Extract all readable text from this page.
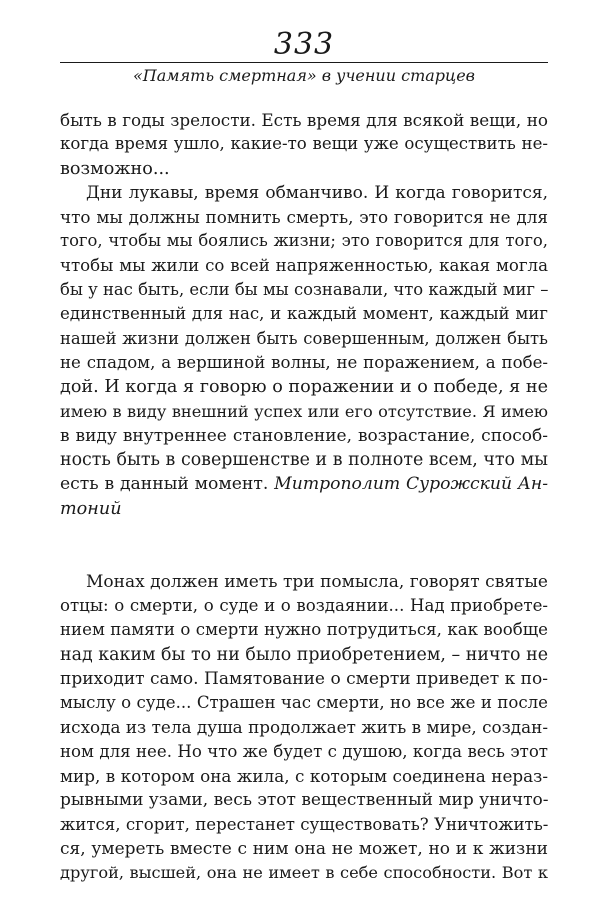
333
«Память смертная» в учении старцев
быть в годы зрелости. Есть время для всякой вещи, но
когда время ушло, какие-то вещи уже осуществить не-
возможно...
Дни лукавы, время обманчиво. И когда говорится,
что мы должны помнить смерть, это говорится не для
того, чтобы мы боялись жизни; это говорится для того,
чтобы мы жили со всей напряженностью, какая могла
бы у нас быть, если бы мы сознавали, что каждый миг –
единственный для нас, и каждый момент, каждый миг
нашей жизни должен быть совершенным, должен быть
не спадом, а вершиной волны, не поражением, а побе-
дой. И когда я говорю о поражении и о победе, я не
имею в виду внешний успех или его отсутствие. Я имею
в виду внутреннее становление, возрастание, способ-
ность быть в совершенстве и в полноте всем, что мы
есть в данный момент. Митрополит Сурожский Ан-
тоний
Монах должен иметь три помысла, говорят святые
отцы: о смерти, о суде и о воздаянии... Над приобрете-
нием памяти о смерти нужно потрудиться, как вообще
над каким бы то ни было приобретением, – ничто не
приходит само. Памятование о смерти приведет к по-
мыслу о суде... Страшен час смерти, но все же и после
исхода из тела душа продолжает жить в мире, создан-
ном для нее. Но что же будет с душою, когда весь этот
мир, в котором она жила, с которым соединена нераз-
рывными узами, весь этот вещественный мир уничто-
жится, сгорит, перестанет существовать? Уничтожить-
ся, умереть вместе с ним она не может, но и к жизни
другой, высшей, она не имеет в себе способности. Вот к
